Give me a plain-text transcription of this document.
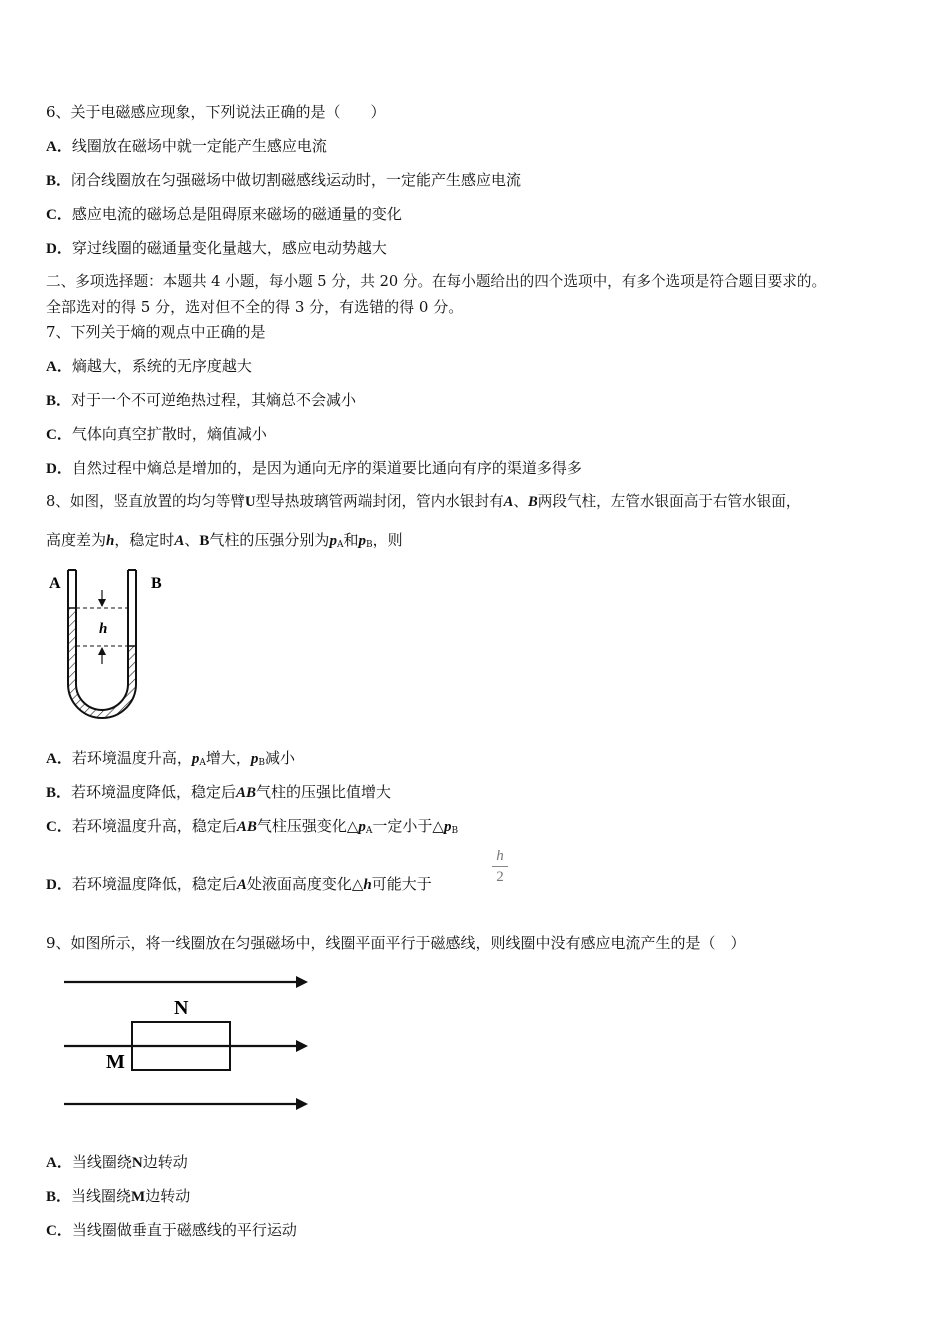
6、关于电磁感应现象，下列说法正确的是（　　）
A．线圈放在磁场中就一定能产生感应电流
B．闭合线圈放在匀强磁场中做切割磁感线运动时，一定能产生感应电流
C．感应电流的磁场总是阻碍原来磁场的磁通量的变化
D．穿过线圈的磁通量变化量越大，感应电动势越大
二、多项选择题：本题共 4 小题，每小题 5 分，共 20 分。在每小题给出的四个选项中，有多个选项是符合题目要求的。
全部选对的得 5 分，选对但不全的得 3 分，有选错的得 0 分。
7、下列关于熵的观点中正确的是
A．熵越大，系统的无序度越大
B．对于一个不可逆绝热过程，其熵总不会减小
C．气体向真空扩散时，熵值减小
D．自然过程中熵总是增加的，是因为通向无序的渠道要比通向有序的渠道多得多
8、如图，竖直放置的均匀等臂U型导热玻璃管两端封闭，管内水银封有A、B两段气柱，左管水银面高于右管水银面，
高度差为h，稳定时A、B气柱的压强分别为$p_A$和$p_B$，则
A	B
h
A．若环境温度升高，$p_A$增大，$p_B$减小
B．若环境温度降低，稳定后AB气柱的压强比值增大
C．若环境温度升高，稳定后AB气柱压强变化$\triangle p_A$一定小于$\triangle p_B$
D．若环境温度降低，稳定后A处液面高度变化△h可能大于
h
2
9、如图所示，将一线圈放在匀强磁场中，线圈平面平行于磁感线，则线圈中没有感应电流产生的是（　）
N
M
A．当线圈绕N边转动
B．当线圈绕M边转动
C．当线圈做垂直于磁感线的平行运动
